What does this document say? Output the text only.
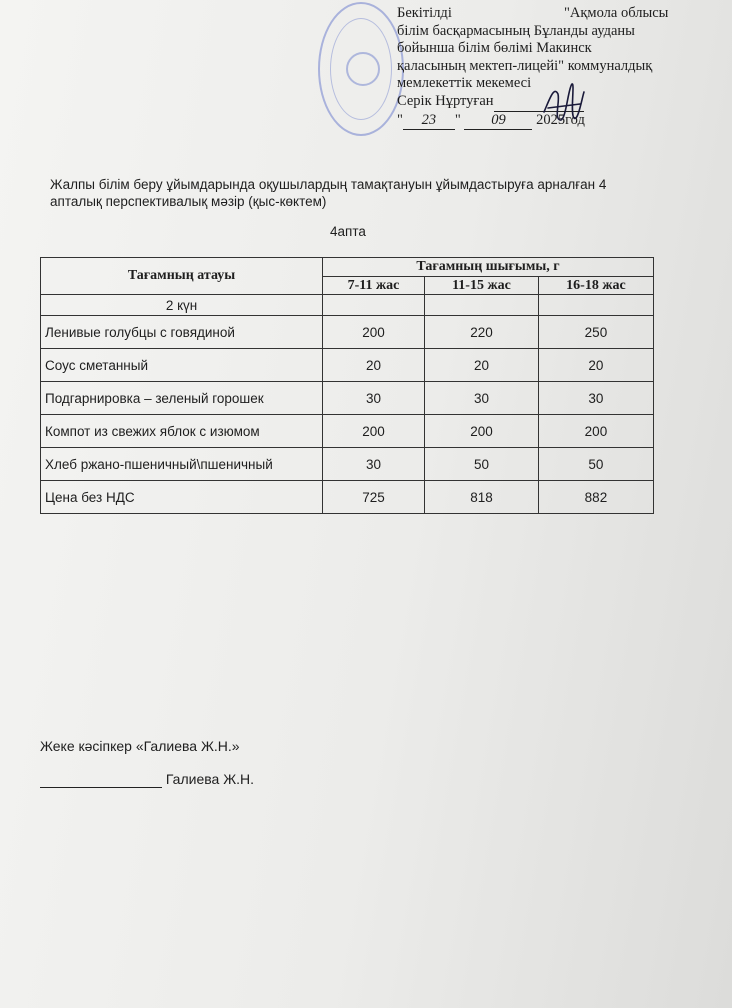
Бекітілді	"Ақмола облысы
білім басқармасының Бұланды ауданы
бойынша білім бөлімі Макинск
қаласының мектеп-лицейі" коммуналдық
мемлекеттік мекемесі
Серік Нұртуған
" 23 " 09 2025год
Жалпы білім беру ұйымдарында оқушылардың тамақтануын ұйымдастыруға арналған 4 апталық перспективалық мәзір (қыс-көктем)
4апта
Тағамның атауы	Тағамның шығымы, г		
	7-11 жас	11-15 жас	16-18 жас
2 күн			
Ленивые голубцы с говядиной	200	220	250
Соус сметанный	20	20	20
Подгарнировка – зеленый горошек	30	30	30
Компот из свежих яблок с изюмом	200	200	200
Хлеб ржано-пшеничный\пшеничный	30	50	50
Цена без НДС	725	818	882
Жеке кәсіпкер «Галиева Ж.Н.»
Галиева Ж.Н.
